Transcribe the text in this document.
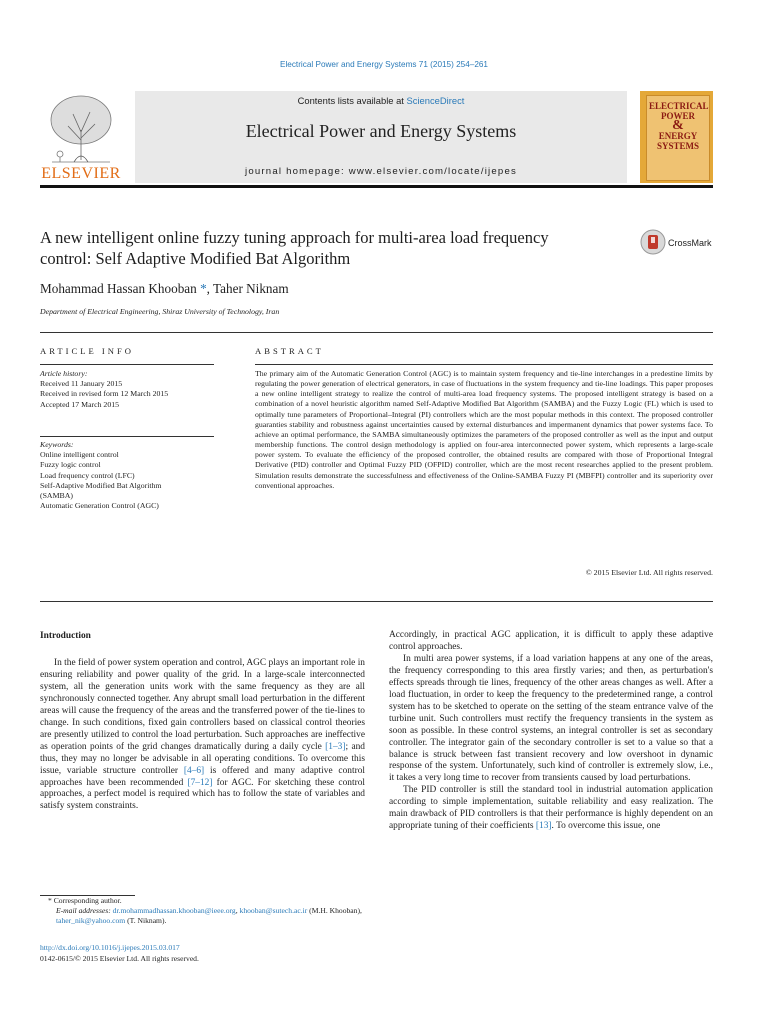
Electrical Power and Energy Systems 71 (2015) 254–261
ELSEVIER
Contents lists available at ScienceDirect
Electrical Power and Energy Systems
journal homepage: www.elsevier.com/locate/ijepes
ELECTRICAL
POWER
&
ENERGY
SYSTEMS
A new intelligent online fuzzy tuning approach for multi-area load frequency control: Self Adaptive Modified Bat Algorithm
CrossMark
Mohammad Hassan Khooban *, Taher Niknam
Department of Electrical Engineering, Shiraz University of Technology, Iran
ARTICLE INFO
Article history:
Received 11 January 2015
Received in revised form 12 March 2015
Accepted 17 March 2015
Keywords:
Online intelligent control
Fuzzy logic control
Load frequency control (LFC)
Self-Adaptive Modified Bat Algorithm
(SAMBA)
Automatic Generation Control (AGC)
ABSTRACT
The primary aim of the Automatic Generation Control (AGC) is to maintain system frequency and tie-line interchanges in a predestine limits by regulating the power generation of electrical generators, in case of fluctuations in the system frequency and tie-line loadings. This paper proposes a new online intelligent strategy to realize the control of multi-area load frequency systems. The proposed intelligent strategy is based on a combination of a novel heuristic algorithm named Self-Adaptive Modified Bat Algorithm (SAMBA) and the Fuzzy Logic (FL) which is used to optimally tune parameters of Proportional–Integral (PI) controllers which are the most popular methods in this context. The proposed controller guaranties stability and robustness against uncertainties caused by external disturbances and impermanent dynamics that power systems face. To achieve an optimal performance, the SAMBA simultaneously optimizes the parameters of the proposed controller as well as the input and output membership functions. The control design methodology is applied on four-area interconnected power system, which represents a large-scale power system. To evaluate the efficiency of the proposed controller, the obtained results are compared with those of Proportional Integral Derivative (PID) controller and Optimal Fuzzy PID (OFPID) controller, which are the most recent researches applied to the present problem. Simulation results demonstrate the successfulness and effectiveness of the Online-SAMBA Fuzzy PI (MBFPI) controller and its superiority over conventional approaches.
© 2015 Elsevier Ltd. All rights reserved.
Introduction

In the field of power system operation and control, AGC plays an important role in ensuring reliability and power quality of the grid. In a large-scale interconnected system, all the generation units work with the same frequency as they are all synchronously connected together. Any abrupt small load perturbation in the different areas will cause the frequency of the areas and the transferred power of the tie-lines to change. In such conditions, fixed gain controllers based on classical control theories are presently utilized to control the load perturbation. Such approaches are ineffective as operation points of the grid changes dramatically during a daily cycle [1–3]; and thus, they may no longer be advisable in all operating conditions. To overcome this issue, variable structure controller [4–6] is offered and many adaptive control approaches have been recommended [7–12] for AGC. For sketching these control approaches, a perfect model is required which has to follow the state of variables and satisfy system constraints.

Accordingly, in practical AGC application, it is difficult to apply these adaptive control approaches.

In multi area power systems, if a load variation happens at any one of the areas, the frequency corresponding to this area firstly varies; and then, as perturbation's effects spreads through tie lines, frequency of the other areas changes as well. After a load fluctuation, in order to keep the frequency to the predetermined range, a control system has to be sketched to operate on the setting of the steam entrance valve of the turbine unit. Such controllers must rectify the frequency transients in the system as soon as possible. In these control systems, an integral controller is set as secondary controller. The integrator gain of the secondary controller is set to a value so that a balance is struck between fast transient recovery and low overshoot in dynamic response of the system. Unfortunately, such kind of controller is extremely slow, i.e., it takes a very long time to recover from transients caused by load perturbations.

The PID controller is still the standard tool in industrial automation application according to simple implementation, suitable reliability and easy realization. The main drawback of PID controllers is that their performance is highly dependent on an appropriate tuning of their coefficients [13]. To overcome this issue, one

* Corresponding author.
E-mail addresses: dr.mohammadhassan.khooban@ieee.org, khooban@sutech.ac.ir (M.H. Khooban), taher_nik@yahoo.com (T. Niknam).
http://dx.doi.org/10.1016/j.ijepes.2015.03.017
0142-0615/© 2015 Elsevier Ltd. All rights reserved.
